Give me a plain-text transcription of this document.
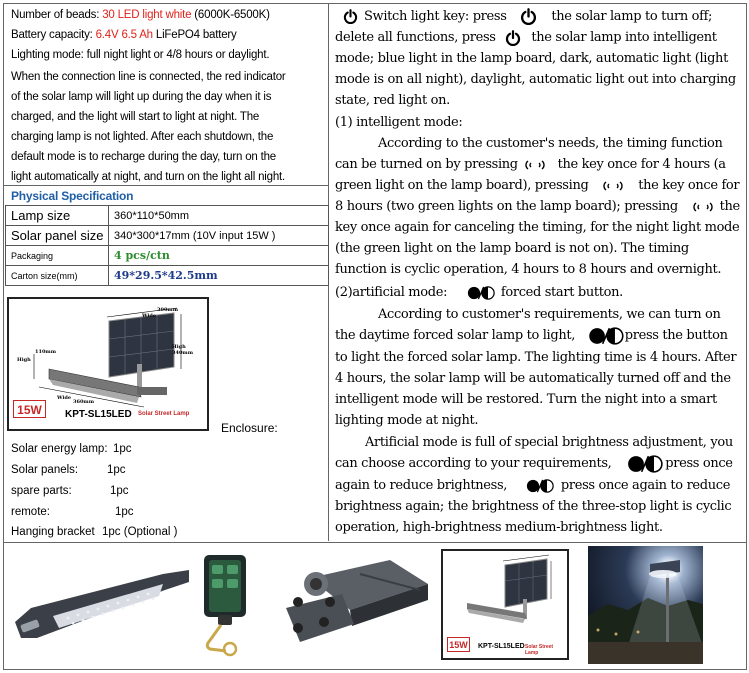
Number of beads: 30 LED light white (6000K-6500K)
Battery capacity: 6.4V 6.5 Ah LiFePO4 battery
Lighting mode: full night light or 4/8 hours or daylight.
When the connection line is connected, the red indicator
of the solar lamp will light up during the day when it is
charged, and the light will start to light at night. The
charging lamp is not lighted. After each shutdown, the
default mode is to recharge during the day, turn on the
light automatically at night, and turn on the light all night.
Physical Specification
Lamp size	360*110*50mm
Solar panel size	340*300*17mm (10V input 15W )
Packaging	4 pcs/ctn
Carton size(mm)	49*29.5*42.5mm
Wide
300mm
High 340mm
High
110mm
Wide
360mm
15W	KPT-SL15LED Solar Street Lamp
Enclosure:
Solar energy lamp: 1pc
Solar panels:	1pc
spare parts:	1pc
remote:	1pc
Hanging bracket 1pc (Optional )
Switch light key: press	the solar lamp to turn off;
delete all functions, press	the solar lamp into intelligent
mode; blue light in the lamp board, dark, automatic light (light
mode is on all night), daylight, automatic light out into charging
state, red light on.
(1) intelligent mode:
According to the customer's needs, the timing function
can be turned on by pressing	the key once for 4 hours (a
green light on the lamp board), pressing	the key once for
8 hours (two green lights on the lamp board); pressing	the
key once again for canceling the timing, for the night light mode
(the green light on the lamp board is not on). The timing
function is cyclic operation, 4 hours to 8 hours and overnight.
(2)artificial mode:	forced start button.
According to customer's requirements, we can turn on
the daytime forced solar lamp to light,	press the button
to light the forced solar lamp. The lighting time is 4 hours. After
4 hours, the solar lamp will be automatically turned off and the
intelligent mode will be restored. Turn the night into a smart
lighting mode at night.
Artificial mode is full of special brightness adjustment, you
can choose according to your requirements,	press once
again to reduce brightness,	press once again to reduce
brightness again; the brightness of the three-stop light is cyclic
operation, high-brightness medium-brightness light.
15W	KPT-SL15LED Solar Street Lamp
